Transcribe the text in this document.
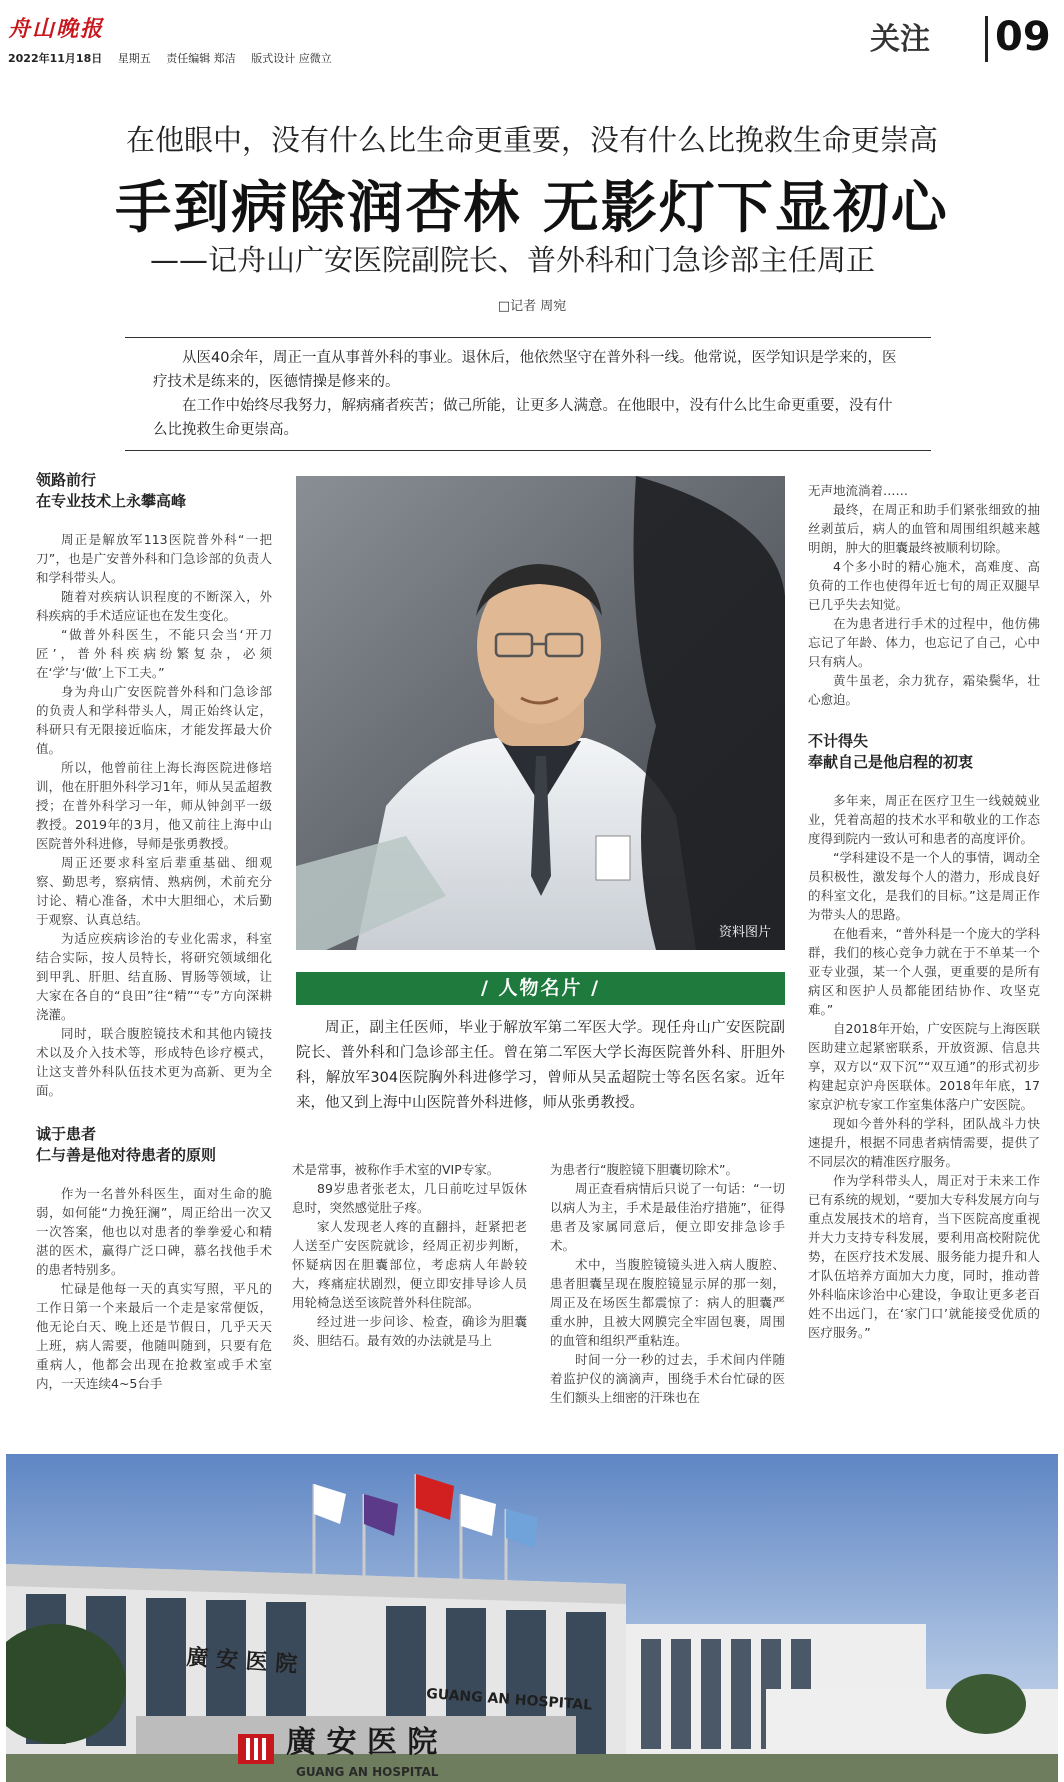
舟山晚报
2022年11月18日 星期五 责任编辑 郑洁 版式设计 应微立
关注 09
在他眼中，没有什么比生命更重要，没有什么比挽救生命更崇高
手到病除润杏林 无影灯下显初心
——记舟山广安医院副院长、普外科和门急诊部主任周正
□记者 周宛

从医40余年，周正一直从事普外科的事业。退休后，他依然坚守在普外科一线。他常说，医学知识是学来的，医疗技术是练来的，医德情操是修来的。

在工作中始终尽我努力，解病痛者疾苦；做己所能，让更多人满意。在他眼中，没有什么比生命更重要，没有什么比挽救生命更崇高。

领路前行
在专业技术上永攀高峰

周正是解放军113医院普外科“一把刀”，也是广安普外科和门急诊部的负责人和学科带头人。

随着对疾病认识程度的不断深入，外科疾病的手术适应证也在发生变化。

“做普外科医生，不能只会当‘开刀匠’，普外科疾病纷繁复杂，必须在‘学’与‘做’上下工夫。”

身为舟山广安医院普外科和门急诊部的负责人和学科带头人，周正始终认定，科研只有无限接近临床，才能发挥最大价值。

所以，他曾前往上海长海医院进修培训，他在肝胆外科学习1年，师从吴孟超教授；在普外科学习一年，师从钟剑平一级教授。2019年的3月，他又前往上海中山医院普外科进修，导师是张勇教授。

周正还要求科室后辈重基础、细观察、勤思考，察病情、熟病例，术前充分讨论、精心准备，术中大胆细心，术后勤于观察、认真总结。

为适应疾病诊治的专业化需求，科室结合实际，按人员特长，将研究领域细化到甲乳、肝胆、结直肠、胃肠等领域，让大家在各自的“良田”往“精”“专”方向深耕浇灌。

同时，联合腹腔镜技术和其他内镜技术以及介入技术等，形成特色诊疗模式，让这支普外科队伍技术更为高新、更为全面。

诚于患者
仁与善是他对待患者的原则

作为一名普外科医生，面对生命的脆弱，如何能“力挽狂澜”，周正给出一次又一次答案，他也以对患者的拳拳爱心和精湛的医术，赢得广泛口碑，慕名找他手术的患者特别多。

忙碌是他每一天的真实写照，平凡的工作日第一个来最后一个走是家常便饭，他无论白天、晚上还是节假日，几乎天天上班，病人需要，他随叫随到，只要有危重病人，他都会出现在抢救室或手术室内，一天连续4~5台手

资料图片
/ 人物名片 /

周正，副主任医师，毕业于解放军第二军医大学。现任舟山广安医院副院长、普外科和门急诊部主任。曾在第二军医大学长海医院普外科、肝胆外科，解放军304医院胸外科进修学习，曾师从吴孟超院士等名医名家。近年来，他又到上海中山医院普外科进修，师从张勇教授。

术是常事，被称作手术室的VIP专家。

89岁患者张老太，几日前吃过早饭休息时，突然感觉肚子疼。

家人发现老人疼的直翻抖，赶紧把老人送至广安医院就诊，经周正初步判断，怀疑病因在胆囊部位，考虑病人年龄较大，疼痛症状剧烈，便立即安排导诊人员用轮椅急送至该院普外科住院部。

经过进一步问诊、检查，确诊为胆囊炎、胆结石。最有效的办法就是马上

为患者行“腹腔镜下胆囊切除术”。

周正查看病情后只说了一句话：“一切以病人为主，手术是最佳治疗措施”，征得患者及家属同意后，便立即安排急诊手术。

术中，当腹腔镜镜头进入病人腹腔、患者胆囊呈现在腹腔镜显示屏的那一刻，周正及在场医生都震惊了：病人的胆囊严重水肿，且被大网膜完全牢固包裹，周围的血管和组织严重粘连。

时间一分一秒的过去，手术间内伴随着监护仪的滴滴声，围绕手术台忙碌的医生们额头上细密的汗珠也在

无声地流淌着……

最终，在周正和助手们紧张细致的抽丝剥茧后，病人的血管和周围组织越来越明朗，肿大的胆囊最终被顺利切除。

4个多小时的精心施术，高难度、高负荷的工作也使得年近七旬的周正双腿早已几乎失去知觉。

在为患者进行手术的过程中，他仿佛忘记了年龄、体力，也忘记了自己，心中只有病人。

黄牛虽老，余力犹存，霜染鬓华，壮心愈迫。

不计得失
奉献自己是他启程的初衷

多年来，周正在医疗卫生一线兢兢业业，凭着高超的技术水平和敬业的工作态度得到院内一致认可和患者的高度评价。

“学科建设不是一个人的事情，调动全员积极性，激发每个人的潜力，形成良好的科室文化，是我们的目标。”这是周正作为带头人的思路。

在他看来，“普外科是一个庞大的学科群，我们的核心竞争力就在于不单某一个亚专业强，某一个人强，更重要的是所有病区和医护人员都能团结协作、攻坚克难。”

自2018年开始，广安医院与上海医联医助建立起紧密联系，开放资源、信息共享，双方以“双下沉”“双互通”的形式初步构建起京沪舟医联体。2018年年底，17家京沪杭专家工作室集体落户广安医院。

现如今普外科的学科，团队战斗力快速提升，根据不同患者病情需要，提供了不同层次的精准医疗服务。

作为学科带头人，周正对于未来工作已有系统的规划，“要加大专科发展方向与重点发展技术的培育，当下医院高度重视并大力支持专科发展，要利用高校附院优势，在医疗技术发展、服务能力提升和人才队伍培养方面加大力度，同时，推动普外科临床诊治中心建设，争取让更多老百姓不出远门，在‘家门口’就能接受优质的医疗服务。”

廣 安 医 院
GUANG AN HOSPITAL
廣 安 医 院
GUANG AN HOSPITAL
